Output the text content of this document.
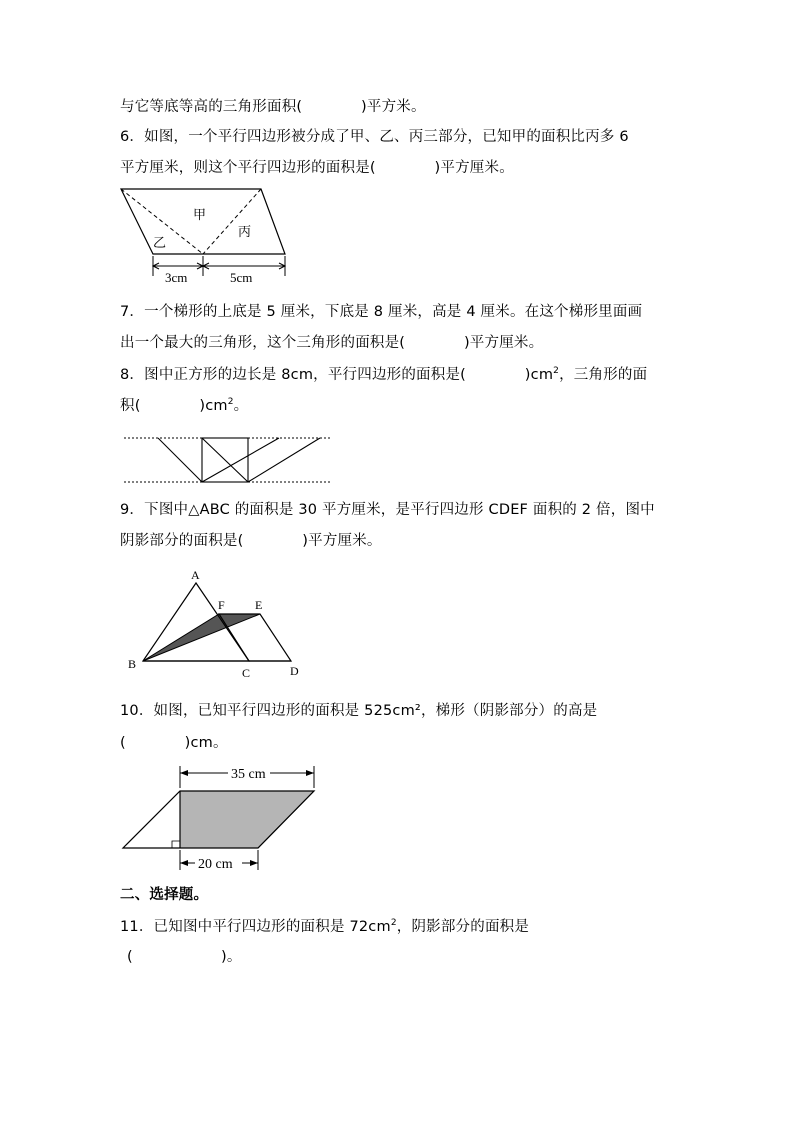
与它等底等高的三角形面积(　　　　)平方米。
6．如图，一个平行四边形被分成了甲、乙、丙三部分，已知甲的面积比丙多 6
平方厘米，则这个平行四边形的面积是(　　　　)平方厘米。
甲
乙
丙
3cm	5cm
7．一个梯形的上底是 5 厘米，下底是 8 厘米，高是 4 厘米。在这个梯形里面画
出一个最大的三角形，这个三角形的面积是(　　　　)平方厘米。
8．图中正方形的边长是 8cm，平行四边形的面积是(　　　　)$cm^2$，三角形的面
积(　　　　)$cm^2$。
9．下图中△ABC 的面积是 30 平方厘米，是平行四边形 CDEF 面积的 2 倍，图中
阴影部分的面积是(　　　　)平方厘米。
A
B
C	D
E
F
10．如图，已知平行四边形的面积是 525cm²，梯形（阴影部分）的高是
(　　　　)cm。
35 cm
20 cm
二、选择题。
11．已知图中平行四边形的面积是 $72cm^2$，阴影部分的面积是
(　　　　　　)。
